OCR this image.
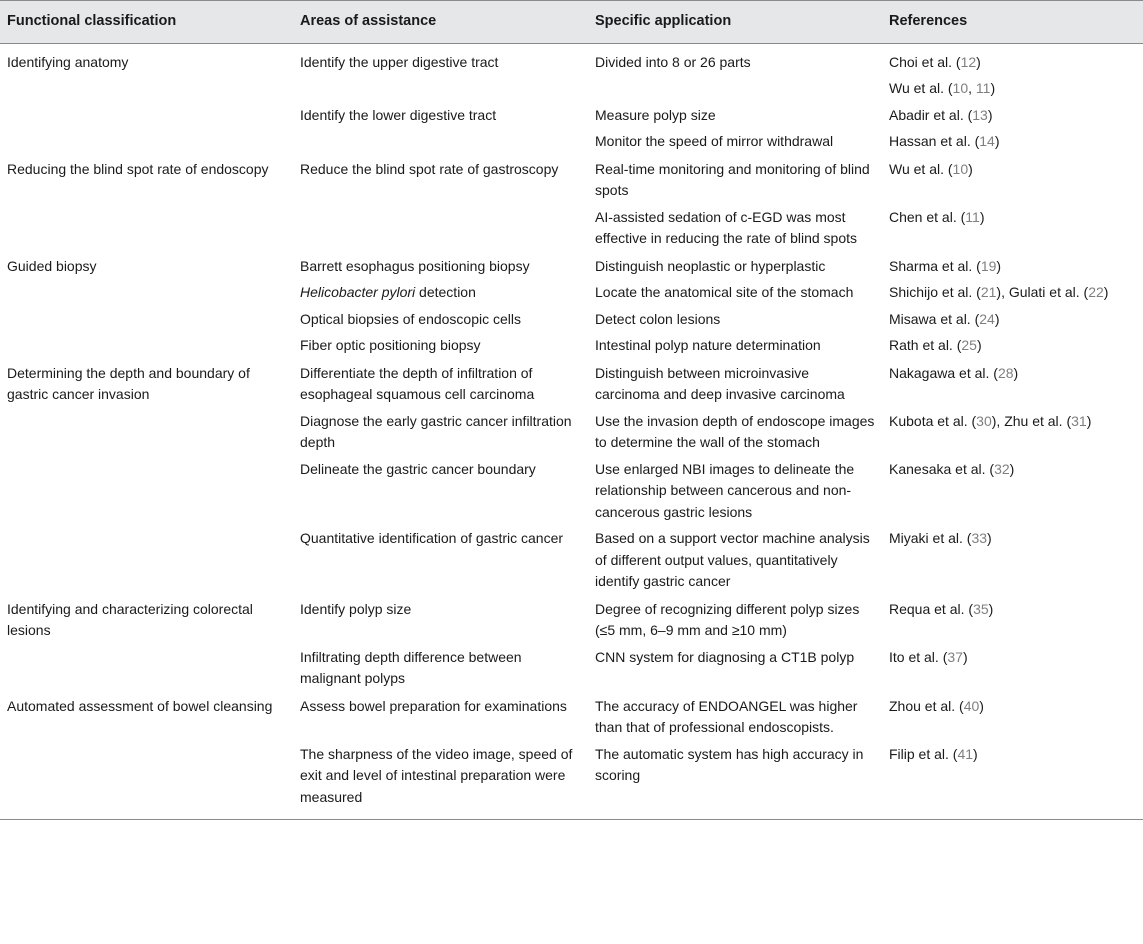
Functional classification	Areas of assistance	Specific application	References
Identifying anatomy	Identify the upper digestive tract	Divided into 8 or 26 parts	Choi et al. (12)
			Wu et al. (10, 11)
	Identify the lower digestive tract	Measure polyp size	Abadir et al. (13)
		Monitor the speed of mirror withdrawal	Hassan et al. (14)
Reducing the blind spot rate of endoscopy	Reduce the blind spot rate of gastroscopy	Real-time monitoring and monitoring of blind spots	Wu et al. (10)
		AI-assisted sedation of c-EGD was most effective in reducing the rate of blind spots	Chen et al. (11)
Guided biopsy	Barrett esophagus positioning biopsy	Distinguish neoplastic or hyperplastic	Sharma et al. (19)
	Helicobacter pylori detection	Locate the anatomical site of the stomach	Shichijo et al. (21), Gulati et al. (22)
	Optical biopsies of endoscopic cells	Detect colon lesions	Misawa et al. (24)
	Fiber optic positioning biopsy	Intestinal polyp nature determination	Rath et al. (25)
Determining the depth and boundary of gastric cancer invasion	Differentiate the depth of infiltration of esophageal squamous cell carcinoma	Distinguish between microinvasive carcinoma and deep invasive carcinoma	Nakagawa et al. (28)
	Diagnose the early gastric cancer infiltration depth	Use the invasion depth of endoscope images to determine the wall of the stomach	Kubota et al. (30), Zhu et al. (31)
	Delineate the gastric cancer boundary	Use enlarged NBI images to delineate the relationship between cancerous and non-cancerous gastric lesions	Kanesaka et al. (32)
	Quantitative identification of gastric cancer	Based on a support vector machine analysis of different output values, quantitatively identify gastric cancer	Miyaki et al. (33)
Identifying and characterizing colorectal lesions	Identify polyp size	Degree of recognizing different polyp sizes (≤5 mm, 6–9 mm and ≥10 mm)	Requa et al. (35)
	Infiltrating depth difference between malignant polyps	CNN system for diagnosing a CT1B polyp	Ito et al. (37)
Automated assessment of bowel cleansing	Assess bowel preparation for examinations	The accuracy of ENDOANGEL was higher than that of professional endoscopists.	Zhou et al. (40)
	The sharpness of the video image, speed of exit and level of intestinal preparation were measured	The automatic system has high accuracy in scoring	Filip et al. (41)
